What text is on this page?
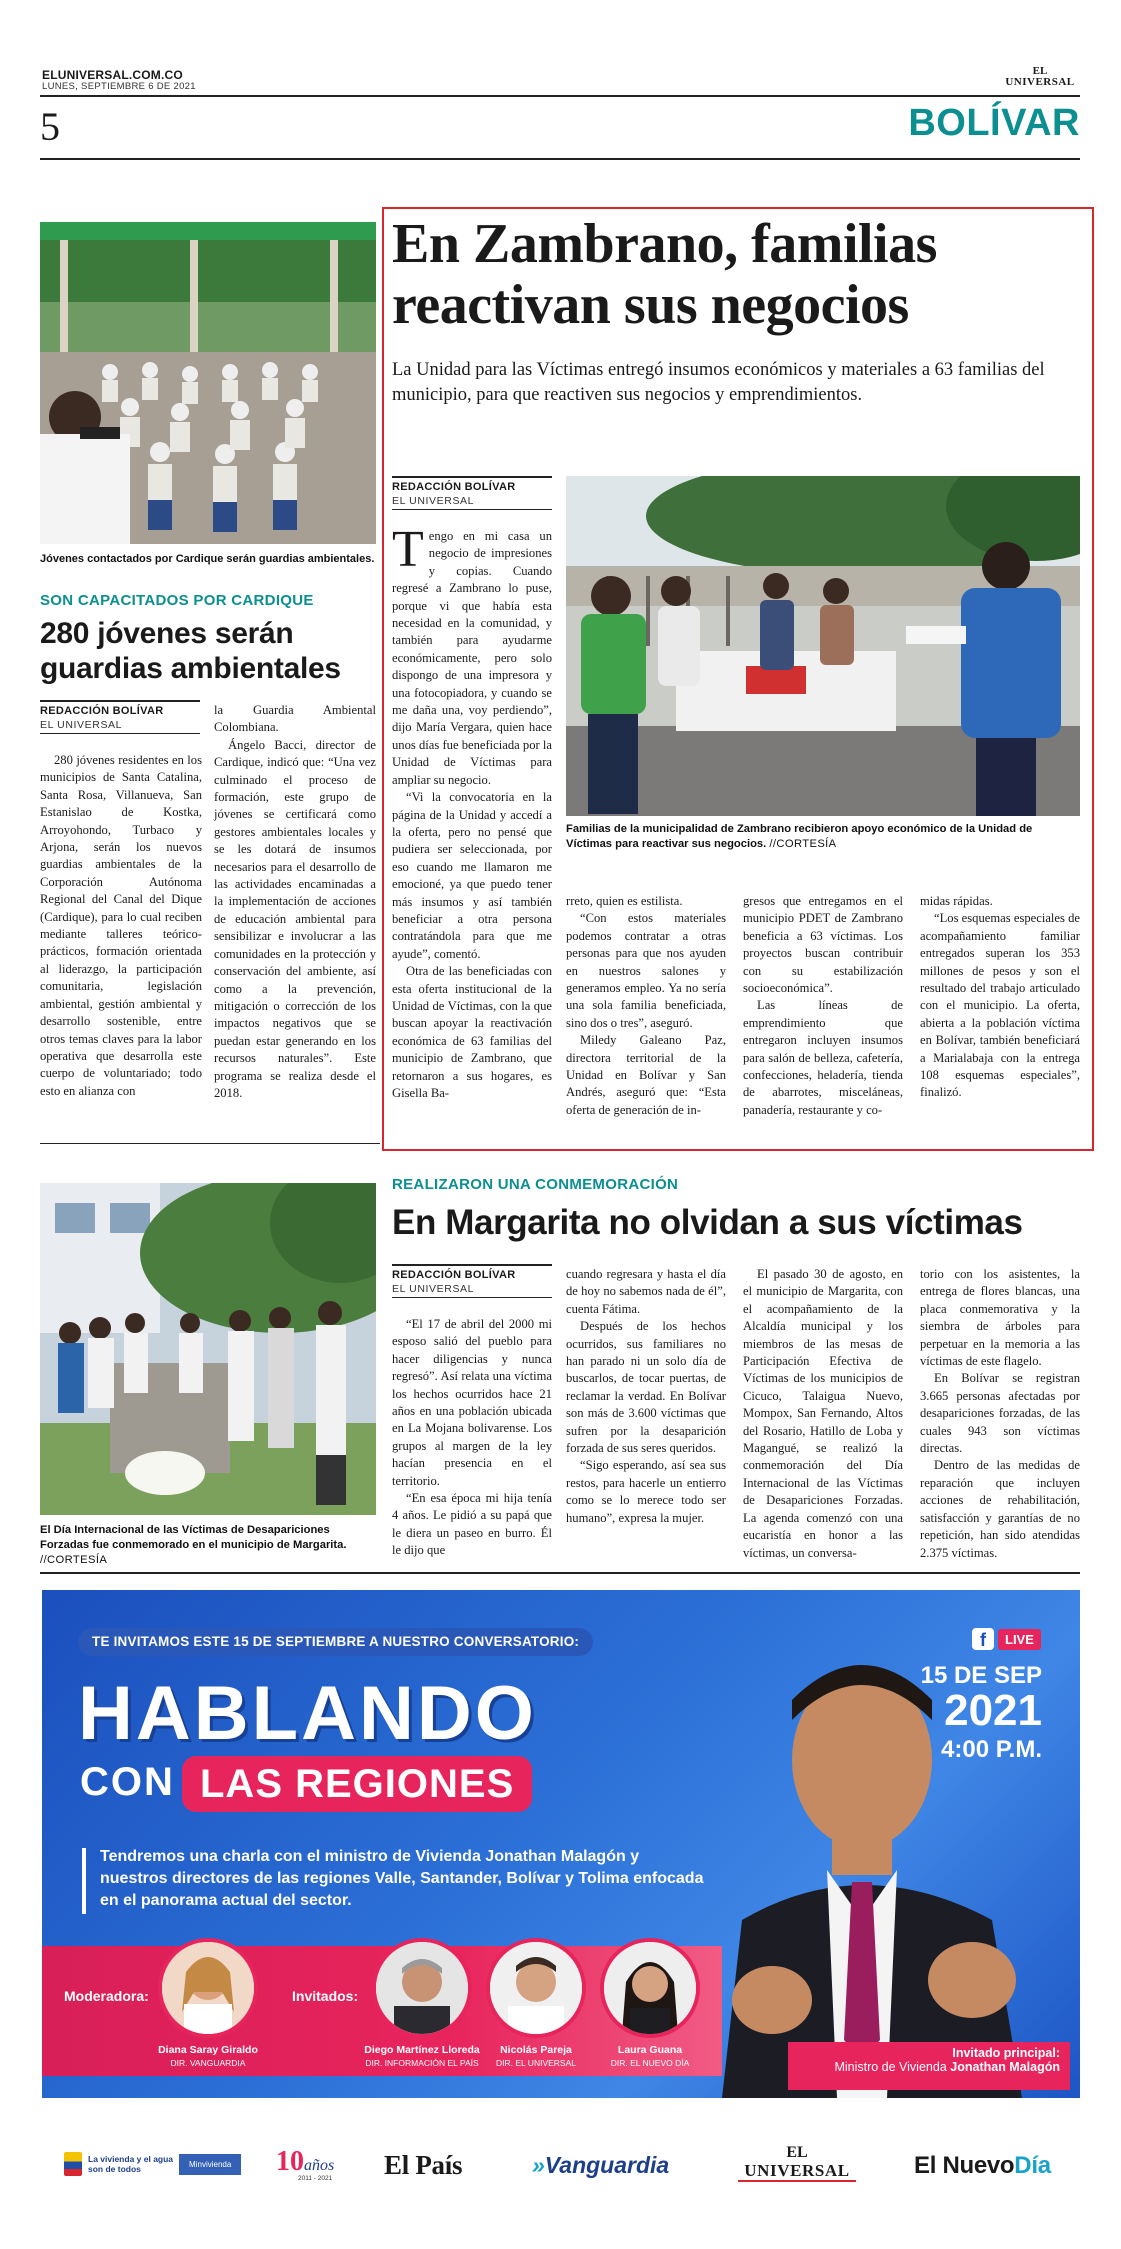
ELUNIVERSAL.COM.CO
LUNES, SEPTIEMBRE 6 DE 2021
EL
UNIVERSAL
5	BOLÍVAR
Jóvenes contactados por Cardique serán guardias ambientales.
SON CAPACITADOS POR CARDIQUE
280 jóvenes serán guardias ambientales
REDACCIÓN BOLÍVAR
EL UNIVERSAL

280 jóvenes residentes en los municipios de Santa Catalina, Santa Rosa, Villanueva, San Estanislao de Kostka, Arroyohondo, Turbaco y Arjona, serán los nuevos guardias ambientales de la Corporación Autónoma Regional del Canal del Dique (Cardique), para lo cual reciben mediante talleres teórico-prácticos, formación orientada al liderazgo, la participación comunitaria, legislación ambiental, gestión ambiental y desarrollo sostenible, entre otros temas claves para la labor operativa que desarrolla este cuerpo de voluntariado; todo esto en alianza con

la Guardia Ambiental Colombiana.

Ángelo Bacci, director de Cardique, indicó que: “Una vez culminado el proceso de formación, este grupo de jóvenes se certificará como gestores ambientales locales y se les dotará de insumos necesarios para el desarrollo de las actividades encaminadas a la implementación de acciones de educación ambiental para sensibilizar e involucrar a las comunidades en la protección y conservación del ambiente, así como a la prevención, mitigación o corrección de los impactos negativos que se puedan estar generando en los recursos naturales”. Este programa se realiza desde el 2018.

En Zambrano, familias reactivan sus negocios
La Unidad para las Víctimas entregó insumos económicos y materiales a 63 familias del municipio, para que reactiven sus negocios y emprendimientos.
REDACCIÓN BOLÍVAR
EL UNIVERSAL

Tengo en mi casa un negocio de impresiones y copias. Cuando regresé a Zambrano lo puse, porque vi que había esta necesidad en la comunidad, y también para ayudarme económicamente, pero solo dispongo de una impresora y una fotocopiadora, y cuando se me daña una, voy perdiendo”, dijo María Vergara, quien hace unos días fue beneficiada por la Unidad de Víctimas para ampliar su negocio.

“Vi la convocatoria en la página de la Unidad y accedí a la oferta, pero no pensé que pudiera ser seleccionada, por eso cuando me llamaron me emocioné, ya que puedo tener más insumos y así también beneficiar a otra persona contratándola para que me ayude”, comentó.

Otra de las beneficiadas con esta oferta institucional de la Unidad de Víctimas, con la que buscan apoyar la reactivación económica de 63 familias del municipio de Zambrano, que retornaron a sus hogares, es Gisella Ba-

Familias de la municipalidad de Zambrano recibieron apoyo económico de la Unidad de Víctimas para reactivar sus negocios. //CORTESÍA

rreto, quien es estilista.

“Con estos materiales podemos contratar a otras personas para que nos ayuden en nuestros salones y generamos empleo. Ya no sería una sola familia beneficiada, sino dos o tres”, aseguró.

Miledy Galeano Paz, directora territorial de la Unidad en Bolívar y San Andrés, aseguró que: “Esta oferta de generación de in-

gresos que entregamos en el municipio PDET de Zambrano beneficia a 63 víctimas. Los proyectos buscan contribuir con su estabilización socioeconómica”.

Las líneas de emprendimiento que entregaron incluyen insumos para salón de belleza, cafetería, confecciones, heladería, tienda de abarrotes, misceláneas, panadería, restaurante y co-

midas rápidas.

“Los esquemas especiales de acompañamiento familiar entregados superan los 353 millones de pesos y son el resultado del trabajo articulado con el municipio. La oferta, abierta a la población víctima en Bolívar, también beneficiará a Marialabaja con la entrega 108 esquemas especiales”, finalizó.

El Día Internacional de las Víctimas de Desapariciones Forzadas fue conmemorado en el municipio de Margarita. //CORTESÍA
REALIZARON UNA CONMEMORACIÓN
En Margarita no olvidan a sus víctimas
REDACCIÓN BOLÍVAR
EL UNIVERSAL

“El 17 de abril del 2000 mi esposo salió del pueblo para hacer diligencias y nunca regresó”. Así relata una víctima los hechos ocurridos hace 21 años en una población ubicada en La Mojana bolivarense. Los grupos al margen de la ley hacían presencia en el territorio.

“En esa época mi hija tenía 4 años. Le pidió a su papá que le diera un paseo en burro. Él le dijo que

cuando regresara y hasta el día de hoy no sabemos nada de él”, cuenta Fátima.

Después de los hechos ocurridos, sus familiares no han parado ni un solo día de buscarlos, de tocar puertas, de reclamar la verdad. En Bolívar son más de 3.600 víctimas que sufren por la desaparición forzada de sus seres queridos.

“Sigo esperando, así sea sus restos, para hacerle un entierro como se lo merece todo ser humano”, expresa la mujer.

El pasado 30 de agosto, en el municipio de Margarita, con el acompañamiento de la Alcaldía municipal y los miembros de las mesas de Participación Efectiva de Víctimas de los municipios de Cicuco, Talaigua Nuevo, Mompox, San Fernando, Altos del Rosario, Hatillo de Loba y Magangué, se realizó la conmemoración del Día Internacional de las Víctimas de Desapariciones Forzadas. La agenda comenzó con una eucaristía en honor a las víctimas, un conversa-

torio con los asistentes, la entrega de flores blancas, una placa conmemorativa y la siembra de árboles para perpetuar en la memoria a las víctimas de este flagelo.

En Bolívar se registran 3.665 personas afectadas por desapariciones forzadas, de las cuales 943 son víctimas directas.

Dentro de las medidas de reparación que incluyen acciones de rehabilitación, satisfacción y garantías de no repetición, han sido atendidas 2.375 víctimas.

TE INVITAMOS ESTE 15 DE SEPTIEMBRE A NUESTRO CONVERSATORIO:
HABLANDO
CON LAS REGIONES
Tendremos una charla con el ministro de Vivienda Jonathan Malagón y nuestros directores de las regiones Valle, Santander, Bolívar y Tolima enfocada en el panorama actual del sector.
f	LIVE
15 DE SEP
2021
4:00 P.M.
Moderadora:	Invitados:
Diana Saray Giraldo
DIR. VANGUARDIA
Diego Martínez Lloreda
DIR. INFORMACIÓN EL PAÍS
Nicolás Pareja
DIR. EL UNIVERSAL
Laura Guana
DIR. EL NUEVO DÍA
Invitado principal:
Ministro de Vivienda Jonathan Malagón
La vivienda y el agua
son de todos	Minvivienda	10años
2011 - 2021 El País	»Vanguardia	EL
UNIVERSAL	El NuevoDía
